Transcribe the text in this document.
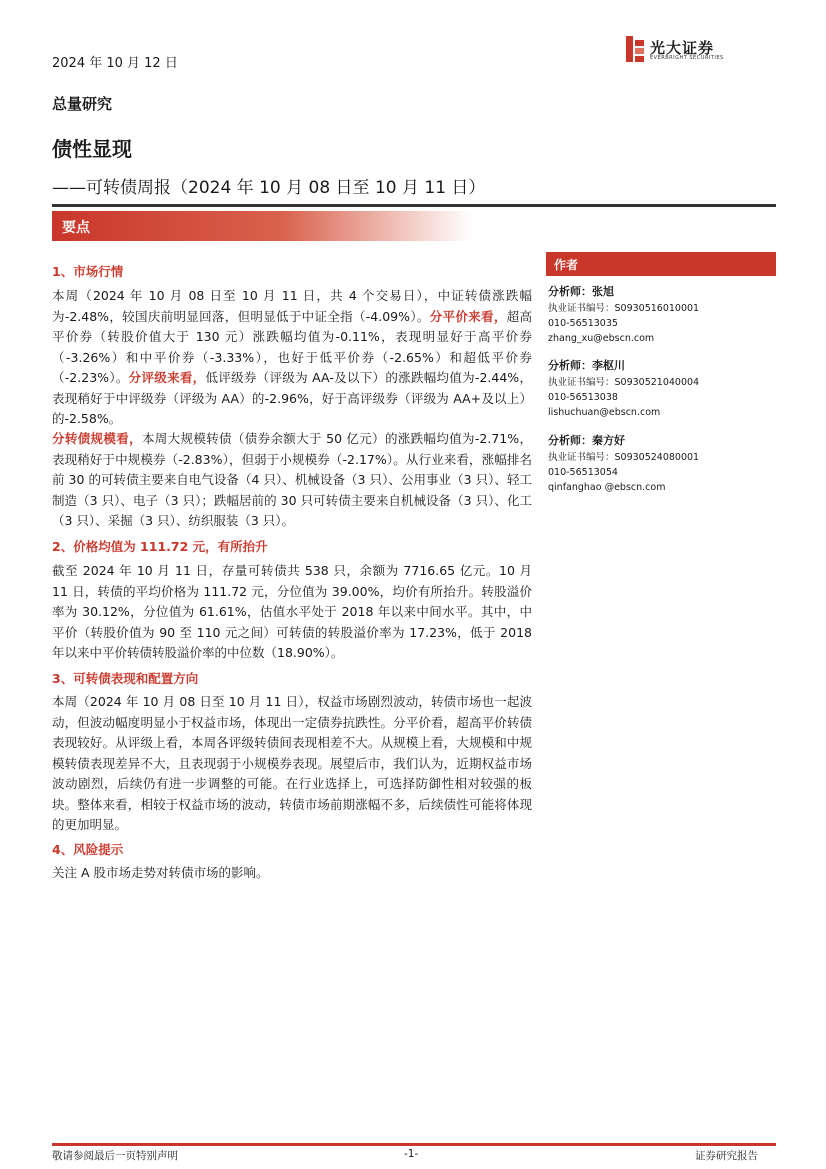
2024 年 10 月 12 日
光大证券
EVERBRIGHT SECURITIES
总量研究
债性显现
——可转债周报（2024 年 10 月 08 日至 10 月 11 日）
要点
1、市场行情
本周（2024 年 10 月 08 日至 10 月 11 日，共 4 个交易日），中证转债涨跌幅为-2.48%，较国庆前明显回落，但明显低于中证全指（-4.09%）。分平价来看，超高平价券（转股价值大于 130 元）涨跌幅均值为-0.11%，表现明显好于高平价券（-3.26%）和中平价券（-3.33%），也好于低平价券（-2.65%）和超低平价券（-2.23%）。分评级来看，低评级券（评级为 AA-及以下）的涨跌幅均值为-2.44%，表现稍好于中评级券（评级为 AA）的-2.96%，好于高评级券（评级为 AA+及以上）的-2.58%。
分转债规模看，本周大规模转债（债券余额大于 50 亿元）的涨跌幅均值为-2.71%，表现稍好于中规模券（-2.83%），但弱于小规模券（-2.17%）。从行业来看，涨幅排名前 30 的可转债主要来自电气设备（4 只）、机械设备（3 只）、公用事业（3 只）、轻工制造（3 只）、电子（3 只）；跌幅居前的 30 只可转债主要来自机械设备（3 只）、化工（3 只）、采掘（3 只）、纺织服装（3 只）。
2、价格均值为 111.72 元，有所抬升
截至 2024 年 10 月 11 日，存量可转债共 538 只，余额为 7716.65 亿元。10 月 11 日，转债的平均价格为 111.72 元，分位值为 39.00%，均价有所抬升。转股溢价率为 30.12%，分位值为 61.61%，估值水平处于 2018 年以来中间水平。其中，中平价（转股价值为 90 至 110 元之间）可转债的转股溢价率为 17.23%，低于 2018 年以来中平价转债转股溢价率的中位数（18.90%）。
3、可转债表现和配置方向
本周（2024 年 10 月 08 日至 10 月 11 日），权益市场剧烈波动，转债市场也一起波动，但波动幅度明显小于权益市场，体现出一定债券抗跌性。分平价看，超高平价转债表现较好。从评级上看，本周各评级转债间表现相差不大。从规模上看，大规模和中规模转债表现差异不大，且表现弱于小规模券表现。展望后市，我们认为，近期权益市场波动剧烈，后续仍有进一步调整的可能。在行业选择上，可选择防御性相对较强的板块。整体来看，相较于权益市场的波动，转债市场前期涨幅不多，后续债性可能将体现的更加明显。
4、风险提示
关注 A 股市场走势对转债市场的影响。
作者
分析师：张旭
执业证书编号：S0930516010001
010-56513035
zhang_xu@ebscn.com
分析师：李枢川
执业证书编号：S0930521040004
010-56513038
lishuchuan@ebscn.com
分析师：秦方好
执业证书编号：S0930524080001
010-56513054
qinfanghao @ebscn.com
敬请参阅最后一页特别声明	-1-	证券研究报告
